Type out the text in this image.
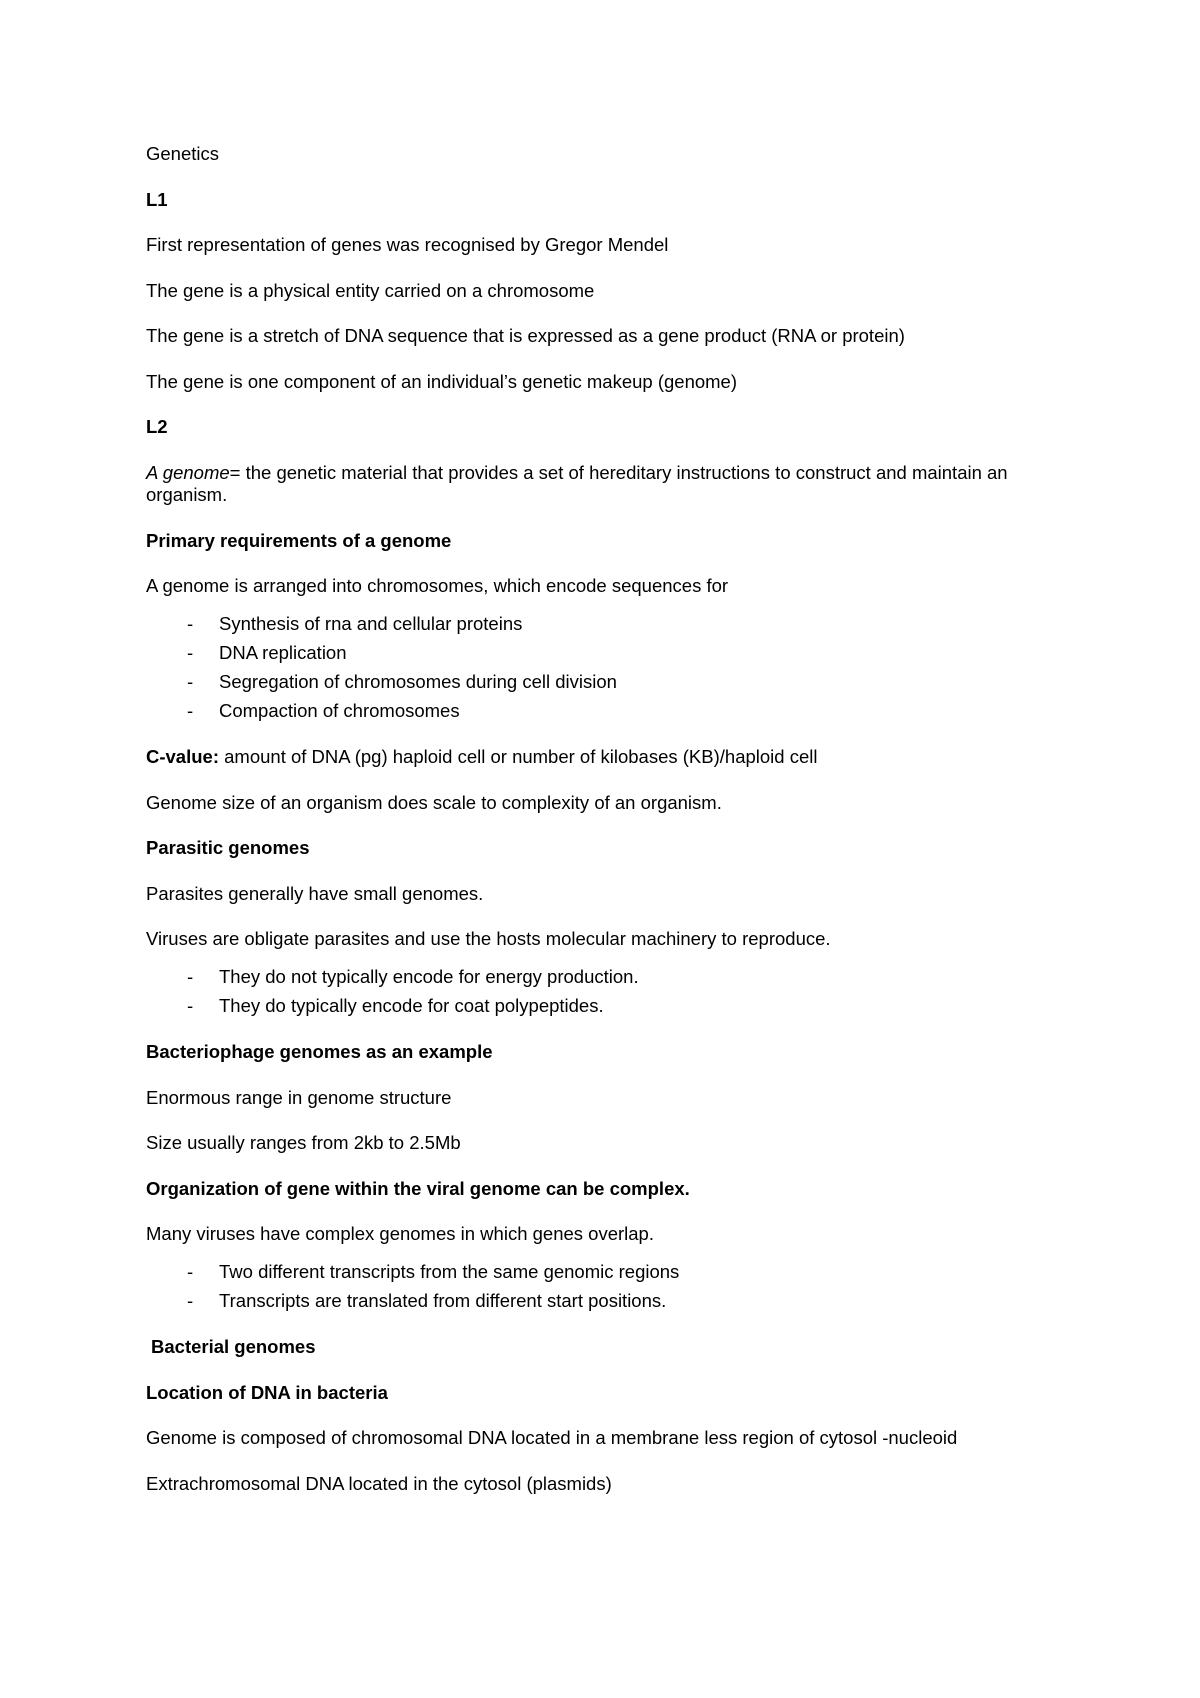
Genetics

L1

First representation of genes was recognised by Gregor Mendel

The gene is a physical entity carried on a chromosome

The gene is a stretch of DNA sequence that is expressed as a gene product (RNA or protein)

The gene is one component of an individual’s genetic makeup (genome)

L2

A genome= the genetic material that provides a set of hereditary instructions to construct and maintain an organism.

Primary requirements of a genome

A genome is arranged into chromosomes, which encode sequences for

- Synthesis of rna and cellular proteins
- DNA replication
- Segregation of chromosomes during cell division
- Compaction of chromosomes

C-value: amount of DNA (pg) haploid cell or number of kilobases (KB)/haploid cell

Genome size of an organism does scale to complexity of an organism.

Parasitic genomes

Parasites generally have small genomes.

Viruses are obligate parasites and use the hosts molecular machinery to reproduce.

- They do not typically encode for energy production.
- They do typically encode for coat polypeptides.

Bacteriophage genomes as an example

Enormous range in genome structure

Size usually ranges from 2kb to 2.5Mb

Organization of gene within the viral genome can be complex.

Many viruses have complex genomes in which genes overlap.

- Two different transcripts from the same genomic regions
- Transcripts are translated from different start positions.

Bacterial genomes

Location of DNA in bacteria

Genome is composed of chromosomal DNA located in a membrane less region of cytosol -nucleoid

Extrachromosomal DNA located in the cytosol (plasmids)
